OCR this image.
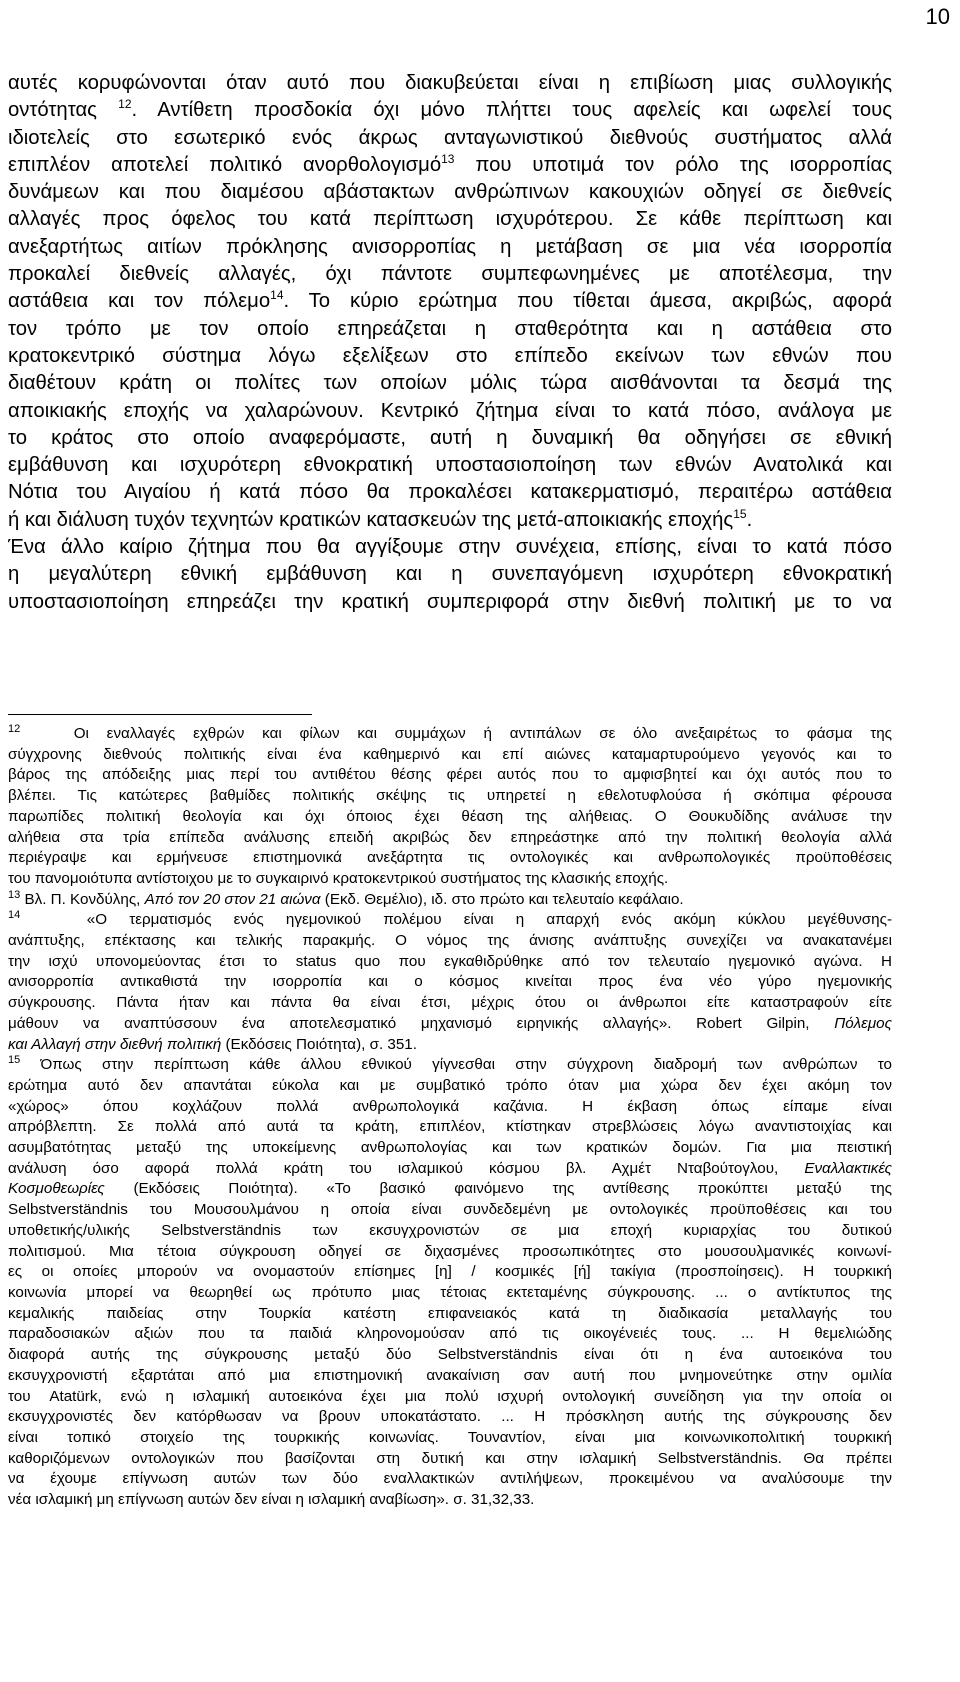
10
αυτές κορυφώνονται όταν αυτό που διακυβεύεται είναι η επιβίωση μιας συλλογικής
οντότητας $^{12}$. Αντίθετη προσδοκία όχι μόνο πλήττει τους αφελείς και ωφελεί τους
ιδιοτελείς στο εσωτερικό ενός άκρως ανταγωνιστικού διεθνούς συστήματος αλλά
επιπλέον αποτελεί πολιτικό ανορθολογισμό$^{13}$ που υποτιμά τον ρόλο της ισορροπίας
δυνάμεων και που διαμέσου αβάστακτων ανθρώπινων κακουχιών οδηγεί σε διεθνείς
αλλαγές προς όφελος του κατά περίπτωση ισχυρότερου. Σε κάθε περίπτωση και
ανεξαρτήτως αιτίων πρόκλησης ανισορροπίας η μετάβαση σε μια νέα ισορροπία
προκαλεί διεθνείς αλλαγές, όχι πάντοτε συμπεφωνημένες με αποτέλεσμα, την
αστάθεια και τον πόλεμο$^{14}$. Το κύριο ερώτημα που τίθεται άμεσα, ακριβώς, αφορά
τον τρόπο με τον οποίο επηρεάζεται η σταθερότητα και η αστάθεια στο
κρατοκεντρικό σύστημα λόγω εξελίξεων στο επίπεδο εκείνων των εθνών που
διαθέτουν κράτη οι πολίτες των οποίων μόλις τώρα αισθάνονται τα δεσμά της
αποικιακής εποχής να χαλαρώνουν. Κεντρικό ζήτημα είναι το κατά πόσο, ανάλογα με
το κράτος στο οποίο αναφερόμαστε, αυτή η δυναμική θα οδηγήσει σε εθνική
εμβάθυνση και ισχυρότερη εθνοκρατική υποστασιοποίηση των εθνών Ανατολικά και
Νότια του Αιγαίου ή κατά πόσο θα προκαλέσει κατακερματισμό, περαιτέρω αστάθεια
ή και διάλυση τυχόν τεχνητών κρατικών κατασκευών της μετά-αποικιακής εποχής$^{15}$.
Ένα άλλο καίριο ζήτημα που θα αγγίξουμε στην συνέχεια, επίσης, είναι το κατά πόσο
η μεγαλύτερη εθνική εμβάθυνση και η συνεπαγόμενη ισχυρότερη εθνοκρατική
υποστασιοποίηση επηρεάζει την κρατική συμπεριφορά στην διεθνή πολιτική με το να
$^{12}$	Οι εναλλαγές εχθρών και φίλων και συμμάχων ή αντιπάλων σε όλο ανεξαιρέτως το φάσμα της
σύγχρονης διεθνούς πολιτικής είναι ένα καθημερινό και επί αιώνες καταμαρτυρούμενο γεγονός και το
βάρος της απόδειξης μιας περί του αντιθέτου θέσης φέρει αυτός που το αμφισβητεί και όχι αυτός που το
βλέπει. Τις κατώτερες βαθμίδες πολιτικής σκέψης τις υπηρετεί η εθελοτυφλούσα ή σκόπιμα φέρουσα
παρωπίδες πολιτική θεολογία και όχι όποιος έχει θέαση της αλήθειας. Ο Θουκυδίδης ανάλυσε την
αλήθεια στα τρία επίπεδα ανάλυσης επειδή ακριβώς δεν επηρεάστηκε από την πολιτική θεολογία αλλά
περιέγραψε και ερμήνευσε επιστημονικά ανεξάρτητα τις οντολογικές και ανθρωπολογικές προϋποθέσεις
του πανομοιότυπα αντίστοιχου με το συγκαιρινό κρατοκεντρικού συστήματος της κλασικής εποχής.
$^{13}$ Βλ. Π. Κονδύλης, Από τον 20 στον 21 αιώνα (Εκδ. Θεμέλιο), ιδ. στο πρώτο και τελευταίο κεφάλαιο.
$^{14}$	«Ο τερματισμός ενός ηγεμονικού πολέμου είναι η απαρχή ενός ακόμη κύκλου μεγέθυνσης-
ανάπτυξης, επέκτασης και τελικής παρακμής. Ο νόμος της άνισης ανάπτυξης συνεχίζει να ανακατανέμει
την ισχύ υπονομεύοντας έτσι το status quo που εγκαθιδρύθηκε από τον τελευταίο ηγεμονικό αγώνα. Η
ανισορροπία αντικαθιστά την ισορροπία και ο κόσμος κινείται προς ένα νέο γύρο ηγεμονικής
σύγκρουσης. Πάντα ήταν και πάντα θα είναι έτσι, μέχρις ότου οι άνθρωποι είτε καταστραφούν είτε
μάθουν να αναπτύσσουν ένα αποτελεσματικό μηχανισμό ειρηνικής αλλαγής». Robert Gilpin, Πόλεμος
και Αλλαγή στην διεθνή πολιτική (Εκδόσεις Ποιότητα), σ. 351.
$^{15}$ Όπως στην περίπτωση κάθε άλλου εθνικού γίγνεσθαι στην σύγχρονη διαδρομή των ανθρώπων το
ερώτημα αυτό δεν απαντάται εύκολα και με συμβατικό τρόπο όταν μια χώρα δεν έχει ακόμη τον
«χώρος» όπου κοχλάζουν πολλά ανθρωπολογικά καζάνια. Η έκβαση όπως είπαμε είναι
απρόβλεπτη. Σε πολλά από αυτά τα κράτη, επιπλέον, κτίστηκαν στρεβλώσεις λόγω αναντιστοιχίας και
ασυμβατότητας μεταξύ της υποκείμενης ανθρωπολογίας και των κρατικών δομών. Για μια πειστική
ανάλυση όσο αφορά πολλά κράτη του ισλαμικού κόσμου βλ. Αχμέτ Νταβούτογλου, Εναλλακτικές
Κοσμοθεωρίες (Εκδόσεις Ποιότητα). «Το βασικό φαινόμενο της αντίθεσης προκύπτει μεταξύ της
Selbstverständnis του Μουσουλμάνου η οποία είναι συνδεδεμένη με οντολογικές προϋποθέσεις και του
υποθετικής/υλικής Selbstverständnis των εκσυγχρονιστών σε μια εποχή κυριαρχίας του δυτικού
πολιτισμού. Μια τέτοια σύγκρουση οδηγεί σε διχασμένες προσωπικότητες στο μουσουλμανικές κοινωνί-
ες οι οποίες μπορούν να ονομαστούν επίσημες [η] / κοσμικές [ή] τακίγια (προσποίησεις). Η τουρκική
κοινωνία μπορεί να θεωρηθεί ως πρότυπο μιας τέτοιας εκτεταμένης σύγκρουσης. ... ο αντίκτυπος της
κεμαλικής παιδείας στην Τουρκία κατέστη επιφανειακός κατά τη διαδικασία μεταλλαγής του
παραδοσιακών αξιών που τα παιδιά κληρονομούσαν από τις οικογένειές τους. ... Η θεμελιώδης
διαφορά αυτής της σύγκρουσης μεταξύ δύο Selbstverständnis είναι ότι η ένα αυτοεικόνα του
εκσυγχρονιστή εξαρτάται από μια επιστημονική ανακαίνιση σαν αυτή που μνημονεύτηκε στην ομιλία
του Atatürk, ενώ η ισλαμική αυτοεικόνα έχει μια πολύ ισχυρή οντολογική συνείδηση για την οποία οι
εκσυγχρονιστές δεν κατόρθωσαν να βρουν υποκατάστατο. ... Η πρόσκληση αυτής της σύγκρουσης δεν
είναι τοπικό στοιχείο της τουρκικής κοινωνίας. Τουναντίον, είναι μια κοινωνικοπολιτική τουρκική
καθοριζόμενων οντολογικών που βασίζονται στη δυτική και στην ισλαμική Selbstverständnis. Θα πρέπει
να έχουμε επίγνωση αυτών των δύο εναλλακτικών αντιλήψεων, προκειμένου να αναλύσουμε την
νέα ισλαμική μη επίγνωση αυτών δεν είναι η ισλαμική αναβίωση». σ. 31,32,33.
